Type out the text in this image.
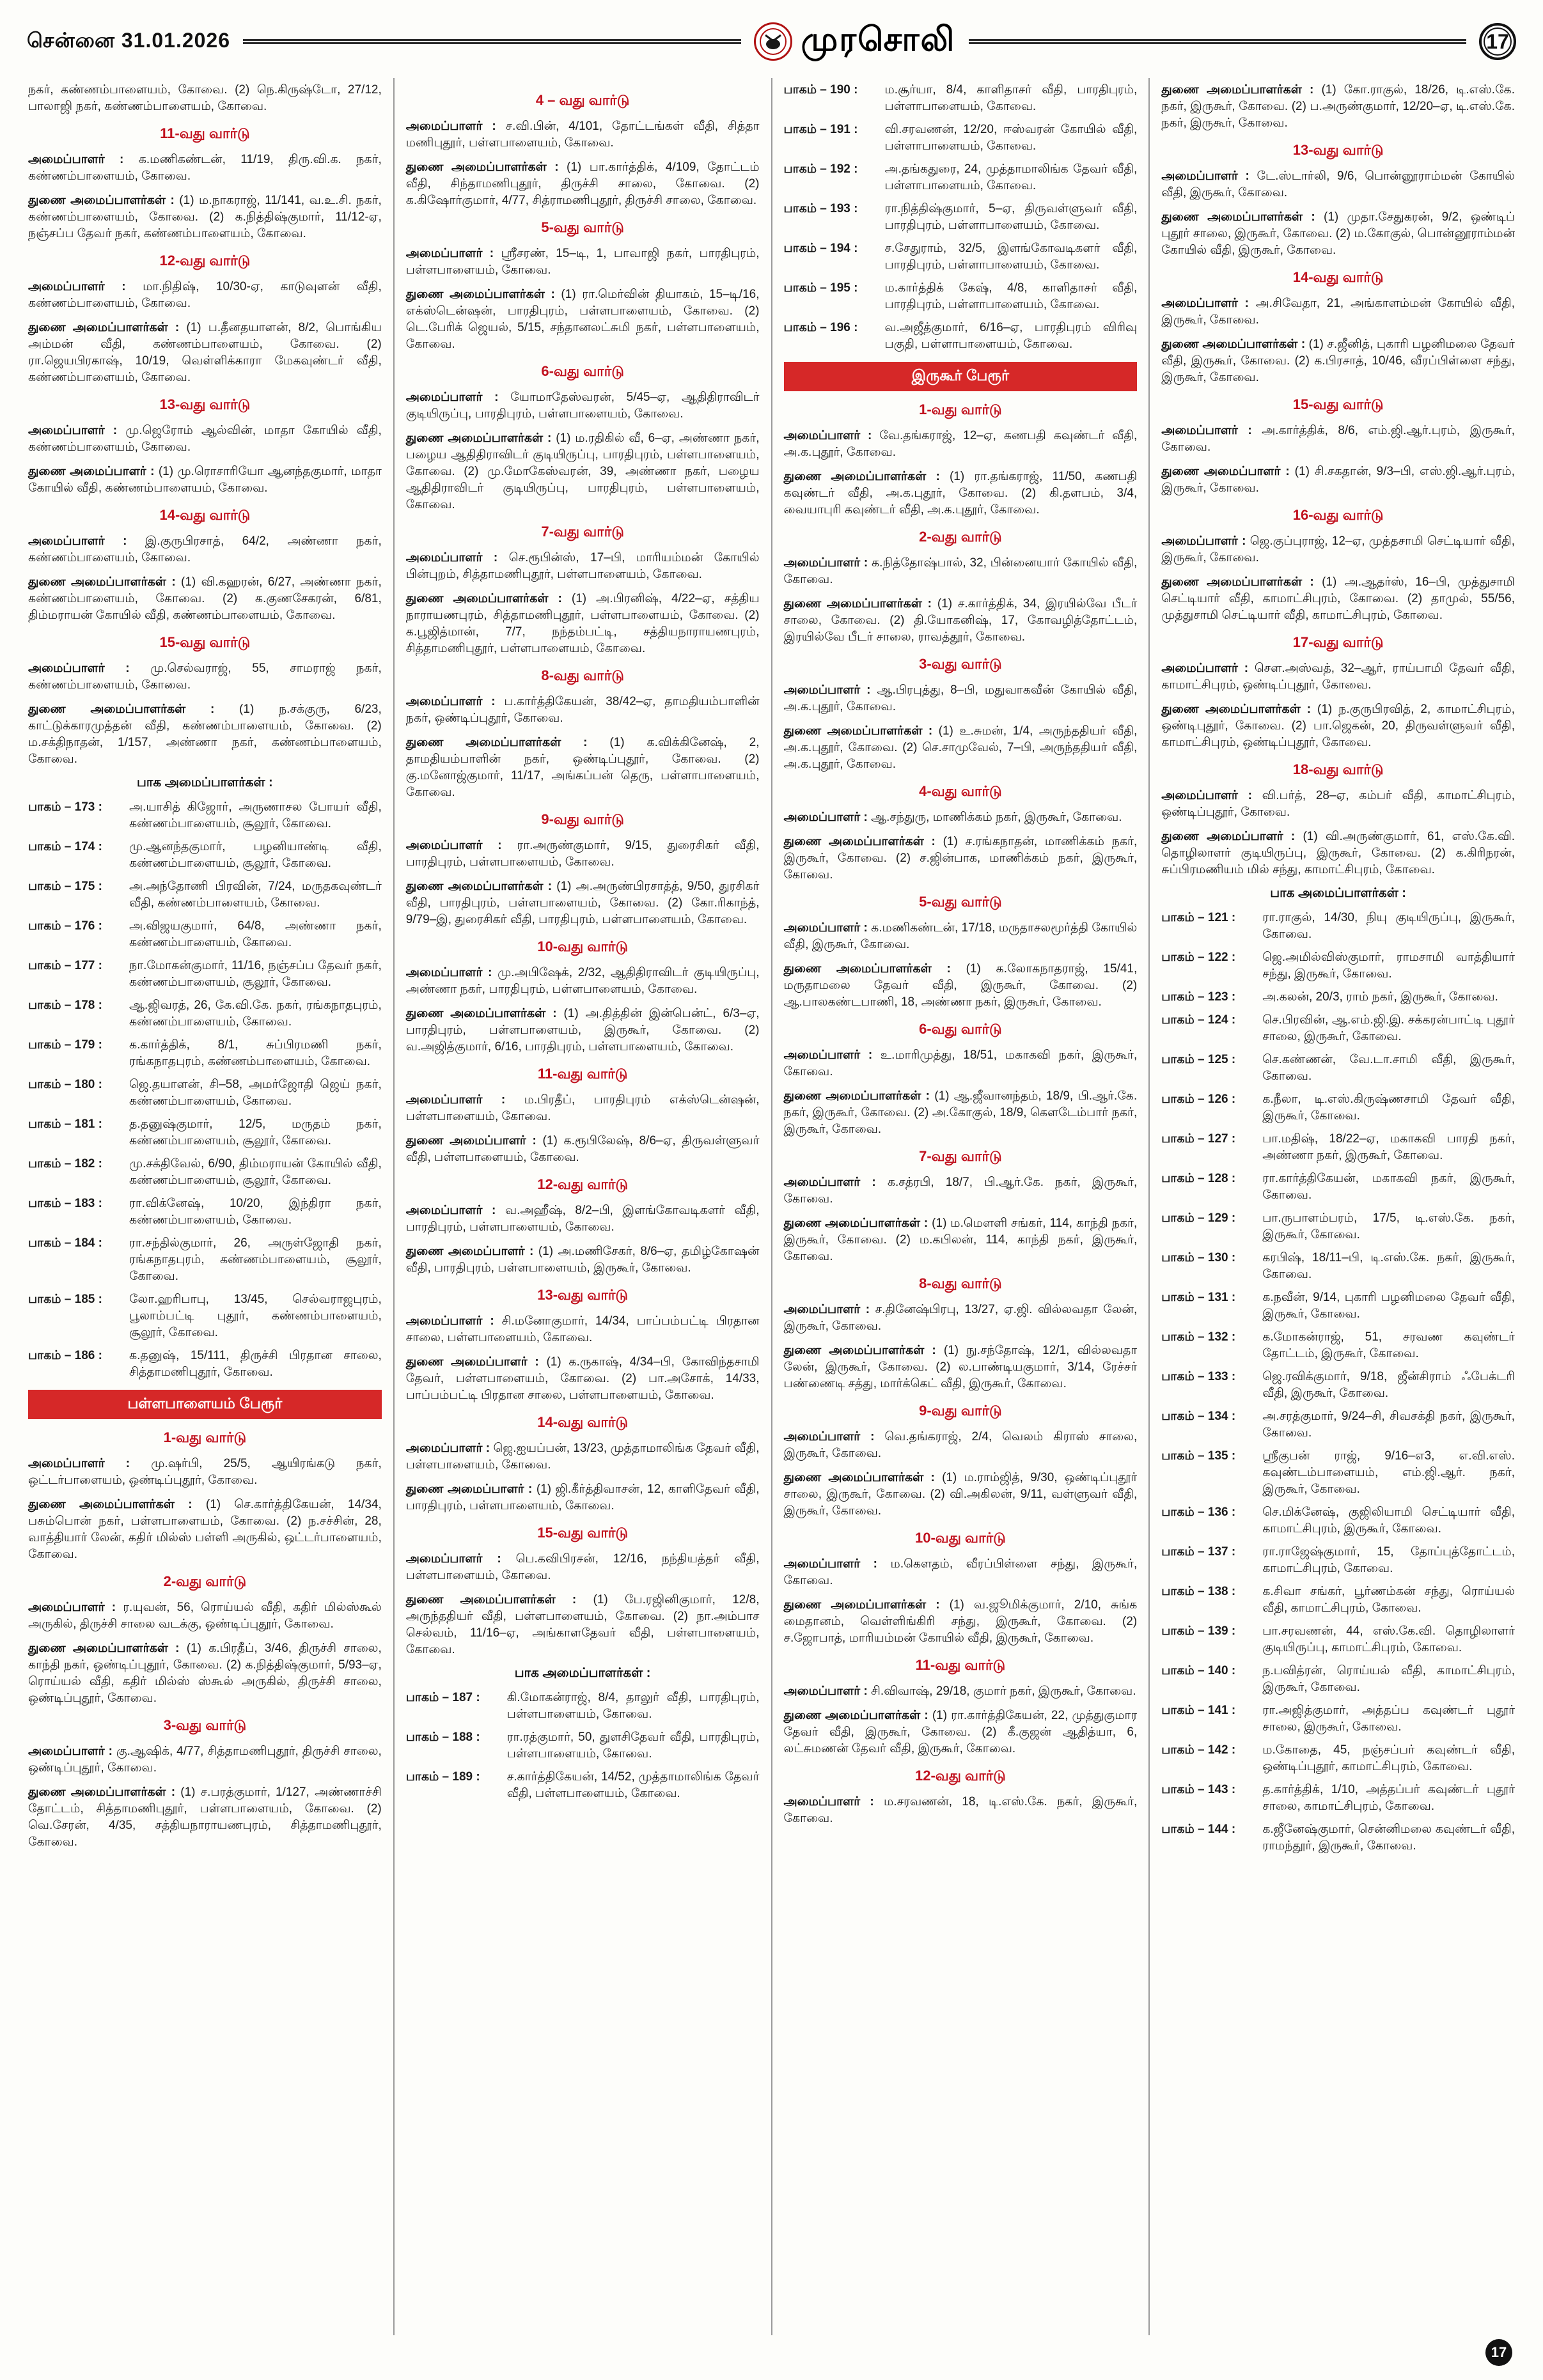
சென்னை 31.01.2026	முரசொலி	17

நகர், கண்ணம்பாளையம், கோவை. (2) நெ.கிருஷ்டோ, 27/12, பாலாஜி நகர், கண்ணம்பாளையம், கோவை.

11-வது வார்டு

அமைப்பாளர் : க.மணிகண்டன், 11/19, திரு.வி.க. நகர், கண்ணம்பாளையம், கோவை.

துணை அமைப்பாளர்கள் : (1) ம.நாகராஜ், 11/141, வ.உ.சி. நகர், கண்ணம்பாளையம், கோவை. (2) க.நித்திஷ்குமார், 11/12-ஏ, நஞ்சப்ப தேவர் நகர், கண்ணம்பாளையம், கோவை.

12-வது வார்டு

அமைப்பாளர் : மா.நிதிஷ், 10/30-ஏ, காடுவுளன் வீதி, கண்ணம்பாளையம், கோவை.

துணை அமைப்பாளர்கள் : (1) ப.தீனதயாளன், 8/2, பொங்கிய அம்மன் வீதி, கண்ணம்பாளையம், கோவை. (2) ரா.ஜெயபிரகாஷ், 10/19, வெள்ளிக்காரா மேகவுண்டர் வீதி, கண்ணம்பாளையம், கோவை.

13-வது வார்டு

அமைப்பாளர் : மு.ஜெரோம் ஆல்வின், மாதா கோயில் வீதி, கண்ணம்பாளையம், கோவை.

துணை அமைப்பாளர் : (1) மு.ரொசாரியோ ஆனந்தகுமார், மாதா கோயில் வீதி, கண்ணம்பாளையம், கோவை.

14-வது வார்டு

அமைப்பாளர் : இ.குருபிரசாத், 64/2, அண்ணா நகர், கண்ணம்பாளையம், கோவை.

துணை அமைப்பாளர்கள் : (1) வி.கஹரன், 6/27, அண்ணா நகர், கண்ணம்பாளையம், கோவை. (2) க.குணசேகரன், 6/81, திம்மராயன் கோயில் வீதி, கண்ணம்பாளையம், கோவை.

15-வது வார்டு

அமைப்பாளர் : மு.செல்வராஜ், 55, சாமராஜ் நகர், கண்ணம்பாளையம், கோவை.

துணை அமைப்பாளர்கள் : (1) ந.சக்குரு, 6/23, காட்டுக்காரமுத்தன் வீதி, கண்ணம்பாளையம், கோவை. (2) ம.சக்திநாதன், 1/157, அண்ணா நகர், கண்ணம்பாளையம், கோவை.

பாக அமைப்பாளர்கள் :

பாகம் – 173 :	அ.யாசித் கிஜோர், அருணாசல போயர் வீதி, கண்ணம்பாளையம், சூலூர், கோவை.
பாகம் – 174 :	மு.ஆனந்தகுமார், பழனியாண்டி வீதி, கண்ணம்பாளையம், சூலூர், கோவை.
பாகம் – 175 :	அ.அந்தோணி பிரவின், 7/24, மருதகவுண்டர் வீதி, கண்ணம்பாளையம், கோவை.
பாகம் – 176 :	அ.விஜயகுமார், 64/8, அண்ணா நகர், கண்ணம்பாளையம், கோவை.
பாகம் – 177 :	நா.மோகன்குமார், 11/16, நஞ்சப்ப தேவர் நகர், கண்ணம்பாளையம், சூலூர், கோவை.
பாகம் – 178 :	ஆ.ஜிவரத், 26, கே.வி.கே. நகர், ரங்கநாதபுரம், கண்ணம்பாளையம், கோவை.
பாகம் – 179 :	க.கார்த்திக், 8/1, சுப்பிரமணி நகர், ரங்கநாதபுரம், கண்ணம்பாளையம், கோவை.
பாகம் – 180 :	ஜெ.தயாளன், சி–58, அமர்ஜோதி ஜெய் நகர், கண்ணம்பாளையம், கோவை.
பாகம் – 181 :	த.தனுஷ்குமார், 12/5, மருதம் நகர், கண்ணம்பாளையம், சூலூர், கோவை.
பாகம் – 182 :	மு.சக்திவேல், 6/90, திம்மராயன் கோயில் வீதி, கண்ணம்பாளையம், சூலூர், கோவை.
பாகம் – 183 :	ரா.விக்னேஷ், 10/20, இந்திரா நகர், கண்ணம்பாளையம், கோவை.
பாகம் – 184 :	ரா.சந்தில்குமார், 26, அருள்ஜோதி நகர், ரங்கநாதபுரம், கண்ணம்பாளையம், சூலூர், கோவை.
பாகம் – 185 :	லோ.ஹரிபாபு, 13/45, செல்வராஜபுரம், பூலாம்பட்டி புதூர், கண்ணம்பாளையம், சூலூர், கோவை.
பாகம் – 186 :	க.தனுஷ், 15/111, திருச்சி பிரதான சாலை, சித்தாமணிபுதூர், கோவை.
பள்ளபாளையம் பேரூர்
1-வது வார்டு

அமைப்பாளர் : மு.ஷர்பி, 25/5, ஆயிரங்கடு நகர், ஒட்டர்பாளையம், ஒண்டிப்புதூர், கோவை.

துணை அமைப்பாளர்கள் : (1) செ.கார்த்திகேயன், 14/34, பசும்பொன் நகர், பள்ளபாளையம், கோவை. (2) ந.சச்சின், 28, வாத்தியார் லேன், கதிர் மில்ஸ் பள்ளி அருகில், ஒட்டர்பாளையம், கோவை.

2-வது வார்டு

அமைப்பாளர் : ர.யுவன், 56, ரொய்யல் வீதி, கதிர் மில்ஸ்கூல் அருகில், திருச்சி சாலை வடக்கு, ஒண்டிப்புதூர், கோவை.

துணை அமைப்பாளர்கள் : (1) க.பிரதீப், 3/46, திருச்சி சாலை, காந்தி நகர், ஒண்டிப்புதூர், கோவை. (2) க.நித்திஷ்குமார், 5/93–ஏ, ரொய்யல் வீதி, கதிர் மில்ஸ் ஸ்கூல் அருகில், திருச்சி சாலை, ஒண்டிப்புதூர், கோவை.

3-வது வார்டு

அமைப்பாளர் : கு.ஆஷிக், 4/77, சித்தாமணிபுதூர், திருச்சி சாலை, ஒண்டிப்புதூர், கோவை.

துணை அமைப்பாளர்கள் : (1) ச.பரத்குமார், 1/127, அண்ணாச்சி தோட்டம், சித்தாமணிபுதூர், பள்ளபாளையம், கோவை. (2) வெ.சேரன், 4/35, சத்தியநாராயணபுரம், சித்தாமணிபுதூர், கோவை.

4 – வது வார்டு

அமைப்பாளர் : ச.வி.பின், 4/101, தோட்டங்கள் வீதி, சித்தா மணிபுதூர், பள்ளபாளையம், கோவை.

துணை அமைப்பாளர்கள் : (1) பா.கார்த்திக், 4/109, தோட்டம் வீதி, சிந்தாமணிபுதூர், திருச்சி சாலை, கோவை. (2) க.கிஷோர்குமார், 4/77, சித்ராமணிபுதூர், திருச்சி சாலை, கோவை.

5-வது வார்டு

அமைப்பாளர் : ஸ்ரீசரண், 15–டி, 1, பாவாஜி நகர், பாரதிபுரம், பள்ளபாளையம், கோவை.

துணை அமைப்பாளர்கள் : (1) ரா.மெர்வின் தியாகம், 15–டி/16, எக்ஸ்டென்ஷன், பாரதிபுரம், பள்ளபாளையம், கோவை. (2) டெ.பேரிக் ஜெயல், 5/15, சந்தானலட்சுமி நகர், பள்ளபாளையம், கோவை.

6-வது வார்டு

அமைப்பாளர் : யோமாதேஸ்வரன், 5/45–ஏ, ஆதிதிராவிடர் குடியிருப்பு, பாரதிபுரம், பள்ளபாளையம், கோவை.

துணை அமைப்பாளர்கள் : (1) ம.ரதிகில் வீ, 6–ஏ, அண்ணா நகர், பழைய ஆதிதிராவிடர் குடியிருப்பு, பாரதிபுரம், பள்ளபாளையம், கோவை. (2) மு.மோகேஸ்வரன், 39, அண்ணா நகர், பழைய ஆதிதிராவிடர் குடியிருப்பு, பாரதிபுரம், பள்ளபாளையம், கோவை.

7-வது வார்டு

அமைப்பாளர் : செ.ரூபின்ஸ், 17–பி, மாரியம்மன் கோயில் பின்புறம், சித்தாமணிபுதூர், பள்ளபாளையம், கோவை.

துணை அமைப்பாளர்கள் : (1) அ.பிரனிஷ், 4/22–ஏ, சத்திய நாராயணபுரம், சித்தாமணிபுதூர், பள்ளபாளையம், கோவை. (2) க.பூஜித்மான், 7/7, நந்தம்பட்டி, சத்தியநாராயணபுரம், சித்தாமணிபுதூர், பள்ளபாளையம், கோவை.

8-வது வார்டு

அமைப்பாளர் : ப.கார்த்திகேயன், 38/42–ஏ, தாமதியம்பாளின் நகர், ஒண்டிப்புதூர், கோவை.

துணை அமைப்பாளர்கள் : (1) க.விக்கினேஷ், 2, தாமதியம்பாளின் நகர், ஒண்டிப்புதூர், கோவை. (2) கு.மனோஜ்குமார், 11/17, அங்கப்பன் தெரு, பள்ளாபாளையம், கோவை.

9-வது வார்டு

அமைப்பாளர் : ரா.அருண்குமார், 9/15, துரைசிகர் வீதி, பாரதிபுரம், பள்ளபாளையம், கோவை.

துணை அமைப்பாளர்கள் : (1) அ.அருண்பிரசாத்த், 9/50, துரசிகர் வீதி, பாரதிபுரம், பள்ளபாளையம், கோவை. (2) கோ.ரிகாந்த், 9/79–இ, துரைசிகர் வீதி, பாரதிபுரம், பள்ளபாளையம், கோவை.

10-வது வார்டு

அமைப்பாளர் : மு.அபிஷேக், 2/32, ஆதிதிராவிடர் குடியிருப்பு, அண்ணா நகர், பாரதிபுரம், பள்ளபாளையம், கோவை.

துணை அமைப்பாளர்கள் : (1) அ.தித்தின் இன்பென்ட், 6/3–ஏ, பாரதிபுரம், பள்ளபாளையம், இருகூர், கோவை. (2) வ.அஜித்குமார், 6/16, பாரதிபுரம், பள்ளபாளையம், கோவை.

11-வது வார்டு

அமைப்பாளர் : ம.பிரதீப், பாரதிபுரம் எக்ஸ்டென்ஷன், பள்ளபாளையம், கோவை.

துணை அமைப்பாளர் : (1) க.ரூபிலேஷ், 8/6–ஏ, திருவள்ளுவர் வீதி, பள்ளபாளையம், கோவை.

12-வது வார்டு

அமைப்பாளர் : வ.அஹீஷ், 8/2–பி, இளங்கோவடிகளர் வீதி, பாரதிபுரம், பள்ளபாளையம், கோவை.

துணை அமைப்பாளர் : (1) அ.மணிசேகர், 8/6–ஏ, தமிழ்கோஷன் வீதி, பாரதிபுரம், பள்ளபாளையம், இருகூர், கோவை.

13-வது வார்டு

அமைப்பாளர் : சி.மனோகுமார், 14/34, பாப்பம்பட்டி பிரதான சாலை, பள்ளபாளையம், கோவை.

துணை அமைப்பாளர் : (1) க.ருகாஷ், 4/34–பி, கோவிந்தசாமி தேவர், பள்ளபாளையம், கோவை. (2) பா.அசோக், 14/33, பாப்பம்பட்டி பிரதான சாலை, பள்ளபாளையம், கோவை.

14-வது வார்டு

அமைப்பாளர் : ஜெ.ஐயப்பன், 13/23, முத்தாமாலிங்க தேவர் வீதி, பள்ளபாளையம், கோவை.

துணை அமைப்பாளர் : (1) ஜி.கீர்த்திவாசன், 12, காளிதேவர் வீதி, பாரதிபுரம், பள்ளபாளையம், கோவை.

15-வது வார்டு

அமைப்பாளர் : பெ.கவிபிரசன், 12/16, நந்தியத்தர் வீதி, பள்ளபாளையம், கோவை.

துணை அமைப்பாளர்கள் : (1) பே.ரஜினிகுமார், 12/8, அருந்ததியர் வீதி, பள்ளபாளையம், கோவை. (2) நா.அம்பாச செல்வம், 11/16–ஏ, அங்காளதேவர் வீதி, பள்ளபாளையம், கோவை.

பாக அமைப்பாளர்கள் :

பாகம் – 187 :	கி.மோகன்ராஜ், 8/4, தாலுர் வீதி, பாரதிபுரம், பள்ளபாளையம், கோவை.
பாகம் – 188 :	ரா.ரத்குமார், 50, துளசிதேவர் வீதி, பாரதிபுரம், பள்ளபாளையம், கோவை.
பாகம் – 189 :	ச.கார்த்திகேயன், 14/52, முத்தாமாலிங்க தேவர் வீதி, பள்ளபாளையம், கோவை.
பாகம் – 190 :	ம.சூர்யா, 8/4, காளிதாசர் வீதி, பாரதிபுரம், பள்ளாபாளையம், கோவை.
பாகம் – 191 :	வி.சரவணன், 12/20, ஈஸ்வரன் கோயில் வீதி, பள்ளாபாளையம், கோவை.
பாகம் – 192 :	அ.தங்கதுரை, 24, முத்தாமாலிங்க தேவர் வீதி, பள்ளாபாளையம், கோவை.
பாகம் – 193 :	ரா.நித்திஷ்குமார், 5–ஏ, திருவள்ளுவர் வீதி, பாரதிபுரம், பள்ளாபாளையம், கோவை.
பாகம் – 194 :	ச.சேதுராம், 32/5, இளங்கோவடிகளர் வீதி, பாரதிபுரம், பள்ளாபாளையம், கோவை.
பாகம் – 195 :	ம.கார்த்திக் கேஷ், 4/8, காளிதாசர் வீதி, பாரதிபுரம், பள்ளாபாளையம், கோவை.
பாகம் – 196 :	வ.அஜீத்குமார், 6/16–ஏ, பாரதிபுரம் விரிவு பகுதி, பள்ளாபாளையம், கோவை.
இருகூர் பேரூர்
1-வது வார்டு

அமைப்பாளர் : வே.தங்கராஜ், 12–ஏ, கணபதி கவுண்டர் வீதி, அ.க.புதூர், கோவை.

துணை அமைப்பாளர்கள் : (1) ரா.தங்கராஜ், 11/50, கணபதி கவுண்டர் வீதி, அ.க.புதூர், கோவை. (2) கி.தளபம், 3/4, வையாபுரி கவுண்டர் வீதி, அ.க.புதூர், கோவை.

2-வது வார்டு

அமைப்பாளர் : க.நித்தோஷ்பால், 32, பின்னையார் கோயில் வீதி, கோவை.

துணை அமைப்பாளர்கள் : (1) ச.கார்த்திக், 34, இரயில்வே பீடர் சாலை, கோவை. (2) தி.யோகனிஷ், 17, கோவழித்தோட்டம், இரயில்வே பீடர் சாலை, ராவத்தூர், கோவை.

3-வது வார்டு

அமைப்பாளர் : ஆ.பிரபுத்து, 8–பி, மதுவாகவீன் கோயில் வீதி, அ.க.புதூர், கோவை.

துணை அமைப்பாளர்கள் : (1) உ.சுமன், 1/4, அருந்ததியர் வீதி, அ.க.புதூர், கோவை. (2) செ.சாமுவேல், 7–பி, அருந்ததியர் வீதி, அ.க.புதூர், கோவை.

4-வது வார்டு

அமைப்பாளர் : ஆ.சந்துரு, மாணிக்கம் நகர், இருகூர், கோவை.

துணை அமைப்பாளர்கள் : (1) ச.ரங்கநாதன், மாணிக்கம் நகர், இருகூர், கோவை. (2) ச.ஜின்பாக, மாணிக்கம் நகர், இருகூர், கோவை.

5-வது வார்டு

அமைப்பாளர் : க.மணிகண்டன், 17/18, மருதாசலமூர்த்தி கோயில் வீதி, இருகூர், கோவை.

துணை அமைப்பாளர்கள் : (1) க.லோகநாதராஜ், 15/41, மருதாமலை தேவர் வீதி, இருகூர், கோவை. (2) ஆ.பாலகண்டபாணி, 18, அண்ணா நகர், இருகூர், கோவை.

6-வது வார்டு

அமைப்பாளர் : உ.மாரிமுத்து, 18/51, மகாகவி நகர், இருகூர், கோவை.

துணை அமைப்பாளர்கள் : (1) ஆ.ஜீவானந்தம், 18/9, பி.ஆர்.கே. நகர், இருகூர், கோவை. (2) அ.கோகுல், 18/9, கௌடேம்பார் நகர், இருகூர், கோவை.

7-வது வார்டு

அமைப்பாளர் : க.சத்ரபி, 18/7, பி.ஆர்.கே. நகர், இருகூர், கோவை.

துணை அமைப்பாளர்கள் : (1) ம.மௌளி சங்கர், 114, காந்தி நகர், இருகூர், கோவை. (2) ம.கபிலன், 114, காந்தி நகர், இருகூர், கோவை.

8-வது வார்டு

அமைப்பாளர் : ச.தினேஷ்பிரபு, 13/27, ஏ.ஜி. வில்லவதா லேன், இருகூர், கோவை.

துணை அமைப்பாளர்கள் : (1) நு.சந்தோஷ், 12/1, வில்லவதா லேன், இருகூர், கோவை. (2) ல.பாண்டியகுமார், 3/14, ரேச்சர் பண்ணைடி சத்து, மார்க்கெட் வீதி, இருகூர், கோவை.

9-வது வார்டு

அமைப்பாளர் : வெ.தங்கராஜ், 2/4, வெலம் கிராஸ் சாலை, இருகூர், கோவை.

துணை அமைப்பாளர்கள் : (1) ம.ராம்ஜித், 9/30, ஒண்டிப்புதூர் சாலை, இருகூர், கோவை. (2) வி.அகிலன், 9/11, வள்ளுவர் வீதி, இருகூர், கோவை.

10-வது வார்டு

அமைப்பாளர் : ம.கௌதம், வீரப்பிள்ளை சந்து, இருகூர், கோவை.

துணை அமைப்பாளர்கள் : (1) வ.ஜூமிக்குமார், 2/10, சுங்க மைதானம், வெள்ளிங்கிரி சந்து, இருகூர், கோவை. (2) ச.ஜோபாத், மாரியம்மன் கோயில் வீதி, இருகூர், கோவை.

11-வது வார்டு

அமைப்பாளர் : சி.விவாஷ், 29/18, குமார் நகர், இருகூர், கோவை.

துணை அமைப்பாளர்கள் : (1) ரா.கார்த்திகேயன், 22, முத்துகுமார தேவர் வீதி, இருகூர், கோவை. (2) கீ.குஜன் ஆதித்யா, 6, லட்சுமணன் தேவர் வீதி, இருகூர், கோவை.

12-வது வார்டு

அமைப்பாளர் : ம.சரவணன், 18, டி.எஸ்.கே. நகர், இருகூர், கோவை.

துணை அமைப்பாளர்கள் : (1) கோ.ராகுல், 18/26, டி.எஸ்.கே. நகர், இருகூர், கோவை. (2) ப.அருண்குமார், 12/20–ஏ, டி.எஸ்.கே. நகர், இருகூர், கோவை.

13-வது வார்டு

அமைப்பாளர் : டே.ஸ்டார்லி, 9/6, பொன்னூராம்மன் கோயில் வீதி, இருகூர், கோவை.

துணை அமைப்பாளர்கள் : (1) முதா.சேதுகரன், 9/2, ஒண்டிப் புதூர் சாலை, இருகூர், கோவை. (2) ம.கோகுல், பொன்னூராம்மன் கோயில் வீதி, இருகூர், கோவை.

14-வது வார்டு

அமைப்பாளர் : அ.சிவேதா, 21, அங்காளம்மன் கோயில் வீதி, இருகூர், கோவை.

துணை அமைப்பாளர்கள் : (1) ச.ஜீனித், புகாரி பழனிமலை தேவர் வீதி, இருகூர், கோவை. (2) க.பிரசாத், 10/46, வீரப்பிள்ளை சந்து, இருகூர், கோவை.

15-வது வார்டு

அமைப்பாளர் : அ.கார்த்திக், 8/6, எம்.ஜி.ஆர்.புரம், இருகூர், கோவை.

துணை அமைப்பாளர் : (1) சி.சகதான், 9/3–பி, எஸ்.ஜி.ஆர்.புரம், இருகூர், கோவை.

16-வது வார்டு

அமைப்பாளர் : ஜெ.குப்புராஜ், 12–ஏ, முத்தசாமி செட்டியார் வீதி, இருகூர், கோவை.

துணை அமைப்பாளர்கள் : (1) அ.ஆதர்ஸ், 16–பி, முத்துசாமி செட்டியார் வீதி, காமாட்சிபுரம், கோவை. (2) தாமுல், 55/56, முத்துசாமி செட்டியார் வீதி, காமாட்சிபுரம், கோவை.

17-வது வார்டு

அமைப்பாளர் : சௌ.அஸ்வத், 32–ஆர், ராய்பாமி தேவர் வீதி, காமாட்சிபுரம், ஒண்டிப்புதூர், கோவை.

துணை அமைப்பாளர்கள் : (1) ந.குருபிரவித், 2, காமாட்சிபுரம், ஒண்டிபுதூர், கோவை. (2) பா.ஜெகன், 20, திருவள்ளுவர் வீதி, காமாட்சிபுரம், ஒண்டிப்புதூர், கோவை.

18-வது வார்டு

அமைப்பாளர் : வி.பர்த், 28–ஏ, கம்பர் வீதி, காமாட்சிபுரம், ஒண்டிப்புதூர், கோவை.

துணை அமைப்பாளர் : (1) வி.அருண்குமார், 61, எஸ்.கே.வி. தொழிலாளர் குடியிருப்பு, இருகூர், கோவை. (2) க.கிரிநரன், சுப்பிரமணியம் மில் சந்து, காமாட்சிபுரம், கோவை.

பாக அமைப்பாளர்கள் :

பாகம் – 121 :	ரா.ராகுல், 14/30, நியு குடியிருப்பு, இருகூர், கோவை.
பாகம் – 122 :	ஜெ.அமில்விஸ்குமார், ராமசாமி வாத்தியார் சந்து, இருகூர், கோவை.
பாகம் – 123 :	அ.கலன், 20/3, ராம் நகர், இருகூர், கோவை.
பாகம் – 124 :	செ.பிரவின், ஆ.எம்.ஜி.இ. சக்கரன்பாட்டி புதூர் சாலை, இருகூர், கோவை.
பாகம் – 125 :	செ.கண்ணன், வே.டா.சாமி வீதி, இருகூர், கோவை.
பாகம் – 126 :	க.நீலா, டி.எஸ்.கிருஷ்ணசாமி தேவர் வீதி, இருகூர், கோவை.
பாகம் – 127 :	பா.மதிஷ், 18/22–ஏ, மகாகவி பாரதி நகர், அண்ணா நகர், இருகூர், கோவை.
பாகம் – 128 :	ரா.கார்த்திகேயன், மகாகவி நகர், இருகூர், கோவை.
பாகம் – 129 :	பா.ருபாளம்பரம், 17/5, டி.எஸ்.கே. நகர், இருகூர், கோவை.
பாகம் – 130 :	கரபிஷ், 18/11–பி, டி.எஸ்.கே. நகர், இருகூர், கோவை.
பாகம் – 131 :	க.நவீன், 9/14, புகாரி பழனிமலை தேவர் வீதி, இருகூர், கோவை.
பாகம் – 132 :	க.மோகன்ராஜ், 51, சரவண கவுண்டர் தோட்டம், இருகூர், கோவை.
பாகம் – 133 :	ஜெ.ரவிக்குமார், 9/18, ஜீன்சிராம் ஃபேக்டரி வீதி, இருகூர், கோவை.
பாகம் – 134 :	அ.சரத்குமார், 9/24–சி, சிவசக்தி நகர், இருகூர், கோவை.
பாகம் – 135 :	ஸ்ரீகுபன் ராஜ், 9/16–எ3, எ.வி.எஸ். கவுண்டம்பாளையம், எம்.ஜி.ஆர். நகர், இருகூர், கோவை.
பாகம் – 136 :	செ.மிக்னேஷ், குஜிலியாமி செட்டியார் வீதி, காமாட்சிபுரம், இருகூர், கோவை.
பாகம் – 137 :	ரா.ராஜேஷ்குமார், 15, தோப்புத்தோட்டம், காமாட்சிபுரம், கோவை.
பாகம் – 138 :	க.சிவா சங்கர், பூர்ணம்கன் சந்து, ரொய்யல் வீதி, காமாட்சிபுரம், கோவை.
பாகம் – 139 :	பா.சரவணன், 44, எஸ்.கே.வி. தொழிலாளர் குடியிருப்பு, காமாட்சிபுரம், கோவை.
பாகம் – 140 :	ந.பவித்ரன், ரொய்யல் வீதி, காமாட்சிபுரம், இருகூர், கோவை.
பாகம் – 141 :	ரா.அஜித்குமார், அத்தப்ப கவுண்டர் புதூர் சாலை, இருகூர், கோவை.
பாகம் – 142 :	ம.கோதை, 45, நஞ்சப்பர் கவுண்டர் வீதி, ஒண்டிப்புதூர், காமாட்சிபுரம், கோவை.
பாகம் – 143 :	த.கார்த்திக், 1/10, அத்தப்பர் கவுண்டர் புதூர் சாலை, காமாட்சிபுரம், கோவை.
பாகம் – 144 :	க.ஜீனேஷ்குமார், சென்னிமலை கவுண்டர் வீதி, ராமந்தூர், இருகூர், கோவை.
17
